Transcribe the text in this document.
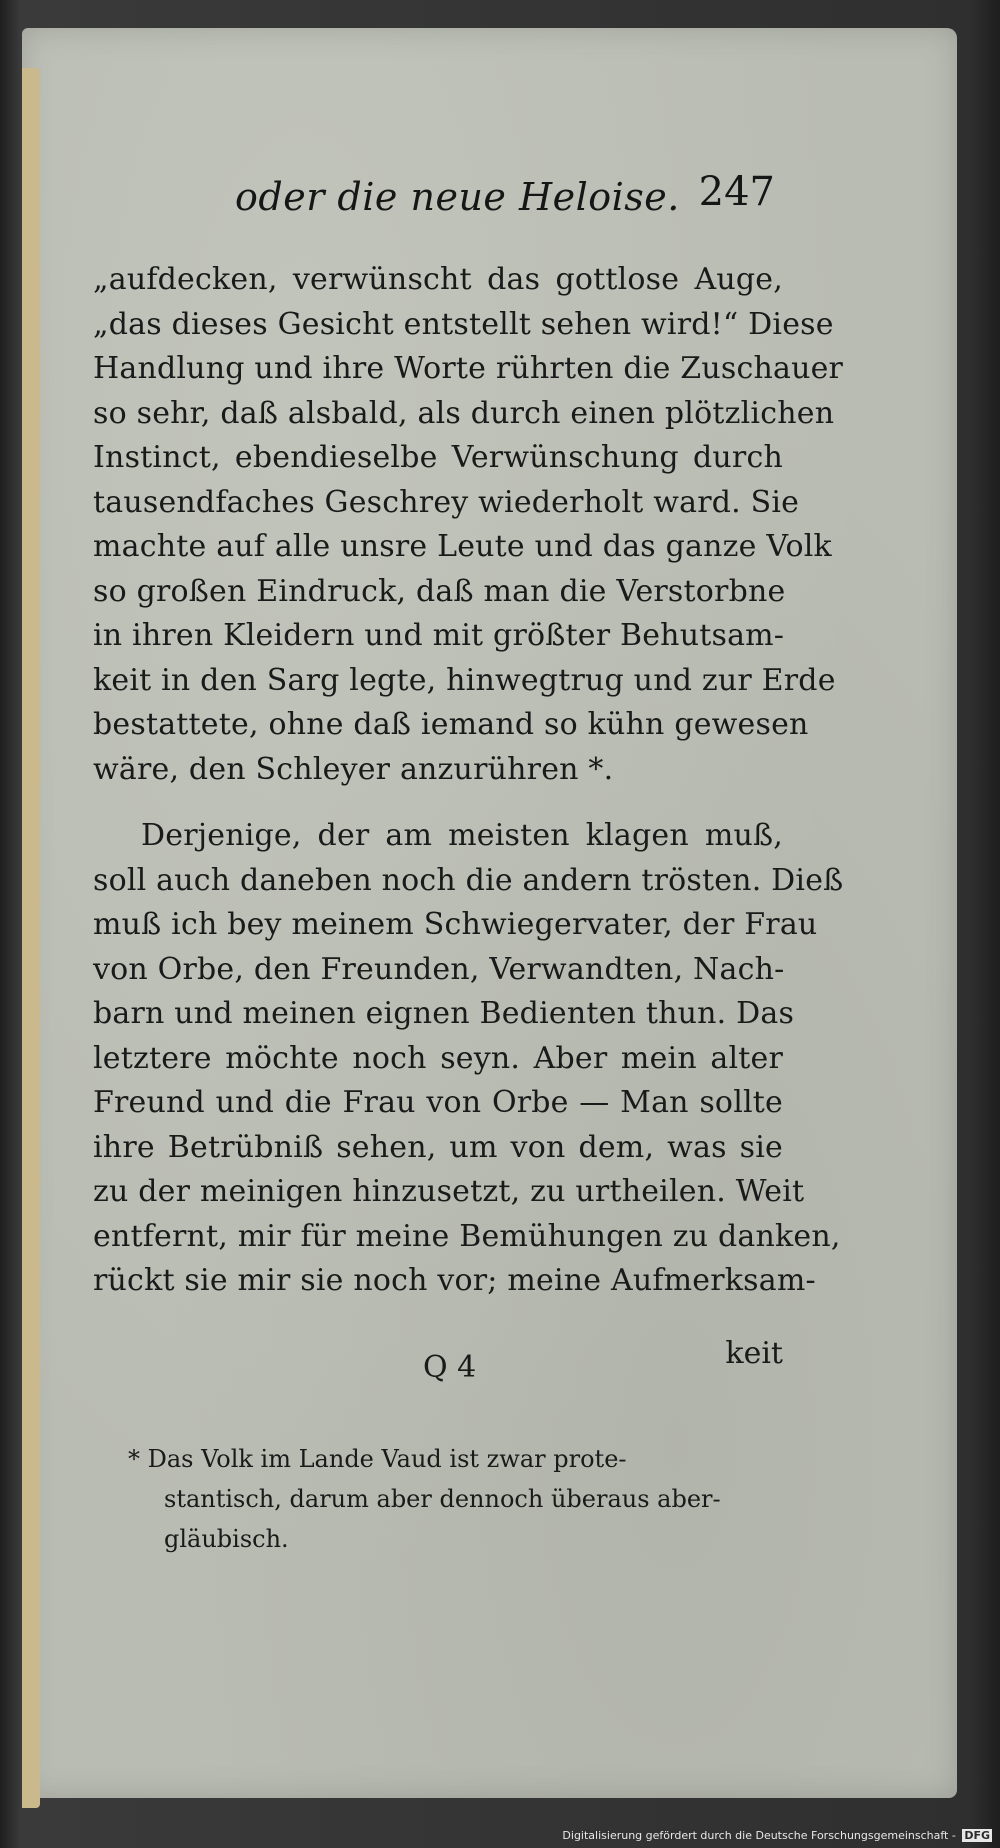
oder die neue Heloise. 247
„aufdecken, verwünscht das gottlose Auge,
„das dieses Gesicht entstellt sehen wird!“ Diese
Handlung und ihre Worte rührten die Zuschauer
so sehr, daß alsbald, als durch einen plötzlichen
Instinct, ebendieselbe Verwünschung durch
tausendfaches Geschrey wiederholt ward. Sie
machte auf alle unsre Leute und das ganze Volk
so großen Eindruck, daß man die Verstorbne
in ihren Kleidern und mit größter Behutsam-
keit in den Sarg legte, hinwegtrug und zur Erde
bestattete, ohne daß iemand so kühn gewesen
wäre, den Schleyer anzurühren *.
Derjenige, der am meisten klagen muß,
soll auch daneben noch die andern trösten. Dieß
muß ich bey meinem Schwiegervater, der Frau
von Orbe, den Freunden, Verwandten, Nach-
barn und meinen eignen Bedienten thun. Das
letztere möchte noch seyn. Aber mein alter
Freund und die Frau von Orbe — Man sollte
ihre Betrübniß sehen, um von dem, was sie
zu der meinigen hinzusetzt, zu urtheilen. Weit
entfernt, mir für meine Bemühungen zu danken,
rückt sie mir sie noch vor; meine Aufmerksam-
Q 4	keit
* Das Volk im Lande Vaud ist zwar prote-
stantisch, darum aber dennoch überaus aber-
gläubisch.
Digitalisierung gefördert durch die Deutsche Forschungsgemeinschaft - DFG
